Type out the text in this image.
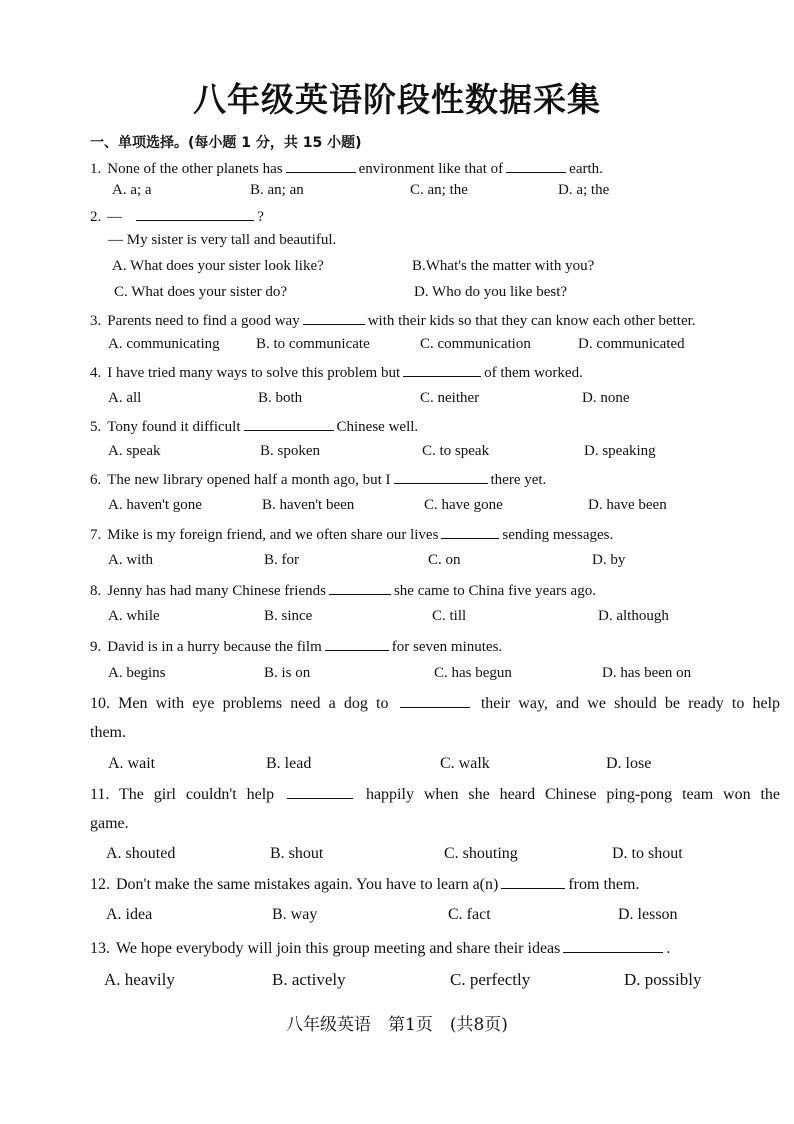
八年级英语阶段性数据采集
一、单项选择。(每小题 1 分，共 15 小题)
1. None of the other planets has	environment like that of	earth.
A. a; a	B. an; an	C. an; the	D. a; the
2. —	?
— My sister is very tall and beautiful.
A. What does your sister look like?	B.What's the matter with you?
C. What does your sister do?	D. Who do you like best?
3. Parents need to find a good way	with their kids so that they can know each other better.
A. communicating B. to communicate	C. communication	D. communicated
4. I have tried many ways to solve this problem but	of them worked.
A. all	B. both	C. neither	D. none
5. Tony found it difficult	Chinese well.
A. speak	B. spoken	C. to speak	D. speaking
6. The new library opened half a month ago, but I	there yet.
A. haven't gone	B. haven't been	C. have gone	D. have been
7. Mike is my foreign friend, and we often share our lives	sending messages.
A. with	B. for	C. on	D. by
8. Jenny has had many Chinese friends	she came to China five years ago.
A. while	B. since	C. till	D. although
9. David is in a hurry because the film	for seven minutes.
A. begins	B. is on	C. has begun	D. has been on
10. Men with eye problems need a dog to	their way, and we should be ready to help
them.
A. wait	B. lead	C. walk	D. lose
11. The girl couldn't help	happily when she heard Chinese ping-pong team won the
game.
A. shouted	B. shout	C. shouting	D. to shout
12. Don't make the same mistakes again. You have to learn a(n)	from them.
A. idea	B. way	C. fact	D. lesson
13. We hope everybody will join this group meeting and share their ideas	.
A. heavily	B. actively	C. perfectly	D. possibly
八年级英语　第1页　(共8页)
